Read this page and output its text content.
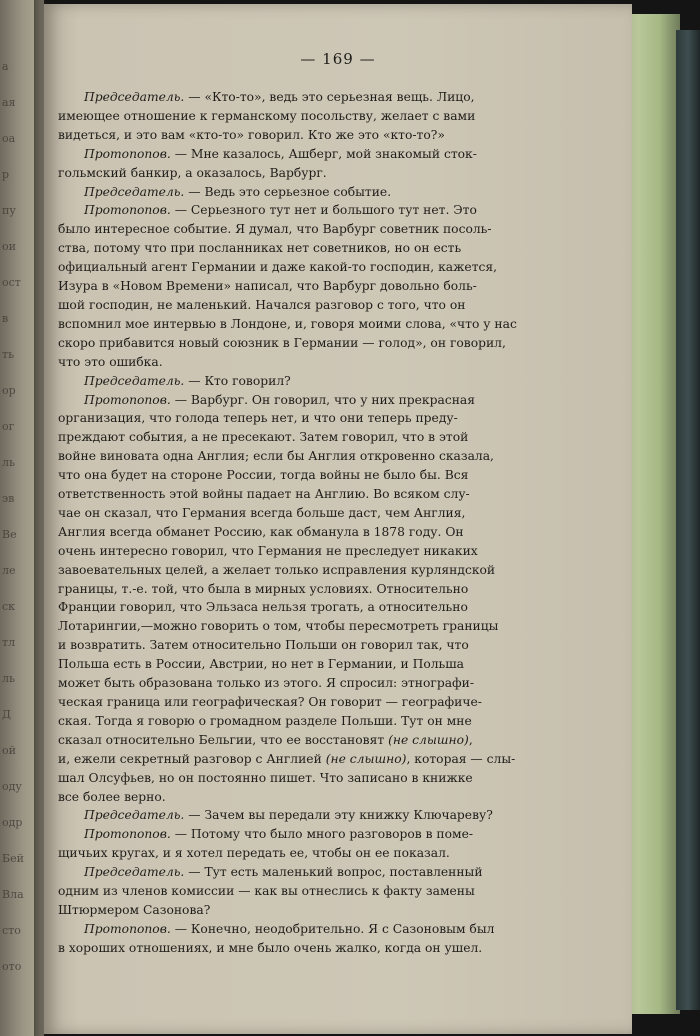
a
ая
оа
p
пу
ои
ост
в
ть
ор
ог
ль
эв
Ве
ле
ск
тл
ль
Д
ой
оду
одр
Бей
Вла
сто
ото
— 169 —
Председатель. — «Кто-то», ведь это серьезная вещь. Лицо,
имеющее отношение к германскому посольству, желает с вами
видеться, и это вам «кто-то» говорил. Кто же это «кто-то?»
Протопопов. — Мне казалось, Ашберг, мой знакомый сток-
гольмский банкир, а оказалось, Варбург.
Председатель. — Ведь это серьезное событие.
Протопопов. — Серьезного тут нет и большого тут нет. Это
было интересное событие. Я думал, что Варбург советник посоль-
ства, потому что при посланниках нет советников, но он есть
официальный агент Германии и даже какой-то господин, кажется,
Изура в «Новом Времени» написал, что Варбург довольно боль-
шой господин, не маленький. Начался разговор с того, что он
вспомнил мое интервью в Лондоне, и, говоря моими слова, «что у нас
скоро прибавится новый союзник в Германии — голод», он говорил,
что это ошибка.
Председатель. — Кто говорил?
Протопопов. — Варбург. Он говорил, что у них прекрасная
организация, что голода теперь нет, и что они теперь преду-
преждают события, а не пресекают. Затем говорил, что в этой
войне виновата одна Англия; если бы Англия откровенно сказала,
что она будет на стороне России, тогда войны не было бы. Вся
ответственность этой войны падает на Англию. Во всяком слу-
чае он сказал, что Германия всегда больше даст, чем Англия,
Англия всегда обманет Россию, как обманула в 1878 году. Он
очень интересно говорил, что Германия не преследует никаких
завоевательных целей, а желает только исправления курляндской
границы, т.-е. той, что была в мирных условиях. Относительно
Франции говорил, что Эльзаса нельзя трогать, а относительно
Лотарингии,—можно говорить о том, чтобы пересмотреть границы
и возвратить. Затем относительно Польши он говорил так, что
Польша есть в России, Австрии, но нет в Германии, и Польша
может быть образована только из этого. Я спросил: этнографи-
ческая граница или географическая? Он говорит — географиче-
ская. Тогда я говорю о громадном разделе Польши. Тут он мне
сказал относительно Бельгии, что ее восстановят (не слышно),
и, ежели секретный разговор с Англией (не слышно), которая — слы-
шал Олсуфьев, но он постоянно пишет. Что записано в книжке
все более верно.
Председатель. — Зачем вы передали эту книжку Ключареву?
Протопопов. — Потому что было много разговоров в поме-
щичьих кругах, и я хотел передать ее, чтобы он ее показал.
Председатель. — Тут есть маленький вопрос, поставленный
одним из членов комиссии — как вы отнеслись к факту замены
Штюрмером Сазонова?
Протопопов. — Конечно, неодобрительно. Я с Сазоновым был
в хороших отношениях, и мне было очень жалко, когда он ушел.
